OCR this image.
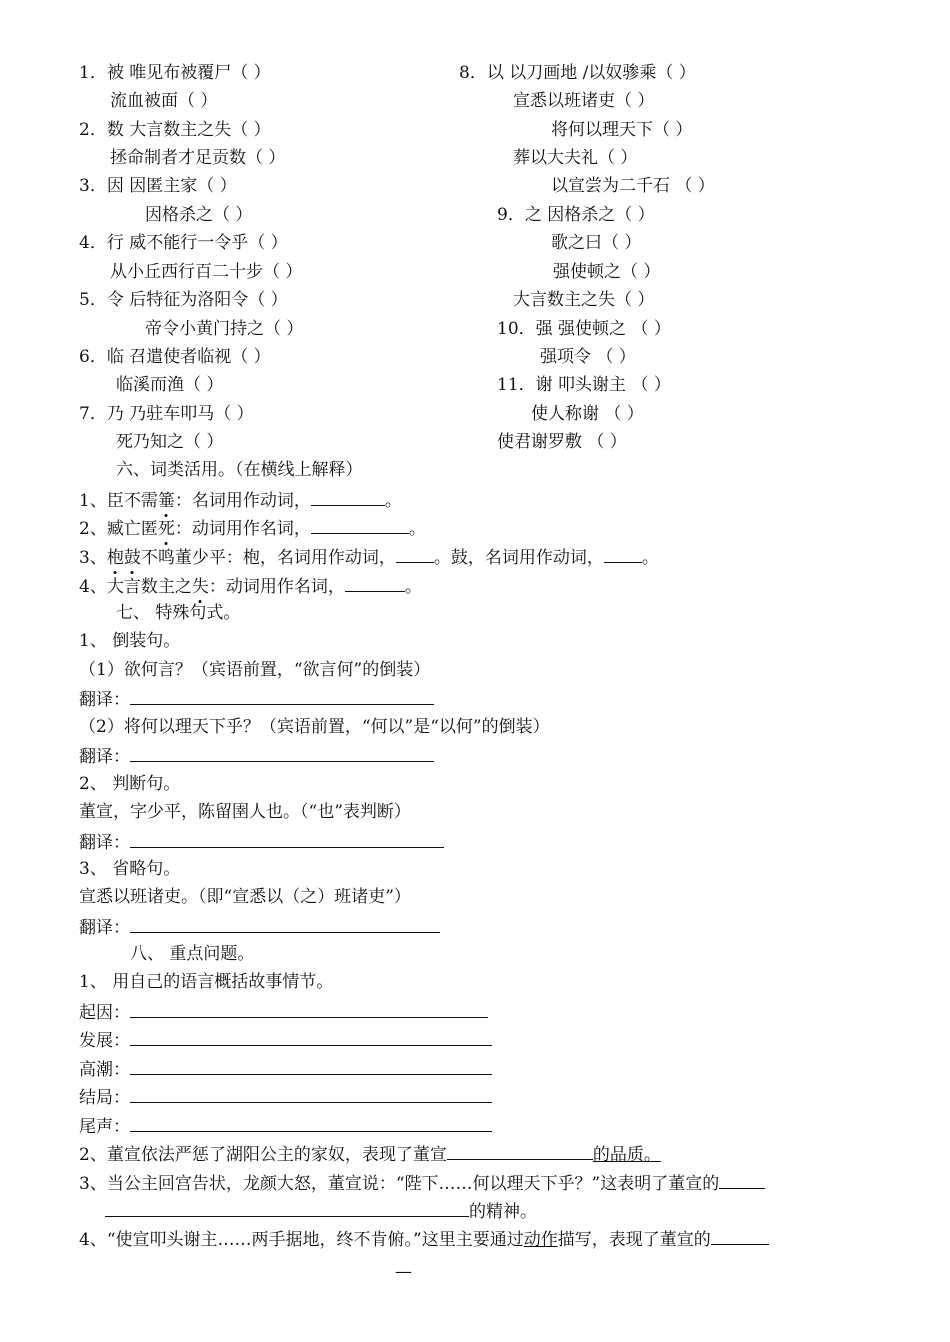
1．被 唯见布被覆尸（ ）
流血被面（ ）
2．数 大言数主之失（ ）
拯命制者才足贡数（ ）
3．因 因匿主家（ ）
因格杀之（ ）
4．行 威不能行一令乎（ ）
从小丘西行百二十步（ ）
5．令 后特征为洛阳令（ ）
帝令小黄门持之（ ）
6．临 召遣使者临视（ ）
临溪而渔（ ）
7．乃 乃驻车叩马（ ）
死乃知之（ ）
8．以 以刀画地 /以奴骖乘（ ）
宣悉以班诸吏（ ）
将何以理天下（ ）
葬以大夫礼（ ）
以宣尝为二千石 （ ）
9．之 因格杀之（ ）
歌之曰（ ）
强使顿之（ ）
大言数主之失（ ）
10．强 强使顿之 （ ）
强项令 （ ）
11．谢 叩头谢主 （ ）
使人称谢 （ ）
使君谢罗敷 （ ）
六、词类活用。（在横线上解释）
1、臣不需箠：名词用作动词，	。
2、臧亡匿死：动词用作名词，	。
3、枹鼓不鸣董少平：枹，名词用作动词， 。鼓，名词用作动词， 。
4、大言数主之失：动词用作名词，	。
七、 特殊句式。
1、 倒装句。
（1）欲何言？（宾语前置，“欲言何”的倒装）
翻译：
（2）将何以理天下乎？（宾语前置，“何以”是“以何”的倒装）
翻译：
2、 判断句。
董宣，字少平，陈留圉人也。（“也”表判断）
翻译：
3、 省略句。
宣悉以班诸吏。（即“宣悉以（之）班诸吏”）
翻译：
八、 重点问题。
1、 用自己的语言概括故事情节。
起因：
发展：
高潮：
结局：
尾声：
2、董宣依法严惩了湖阳公主的家奴，表现了董宣	的品质。
3、当公主回宫告状，龙颜大怒，董宣说：“陛下……何以理天下乎？”这表明了董宣的
的精神。
4、“使宣叩头谢主……两手据地，终不肯俯。”这里主要通过动作描写，表现了董宣的
—
